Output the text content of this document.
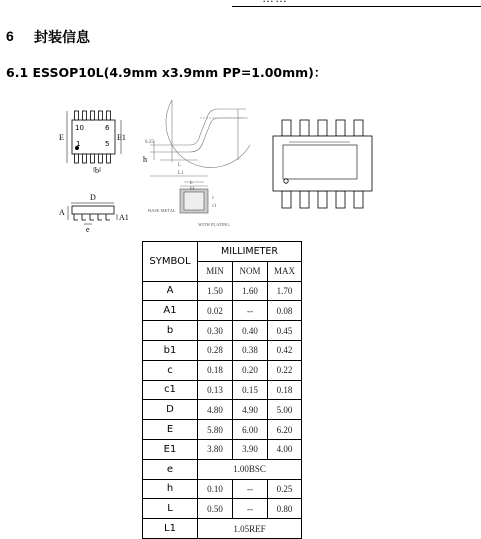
6 封装信息
6.1 ESSOP10L(4.9mm x3.9mm PP=1.00mm)：
10	6
1	5
E	E1
b
D
A
A1
e
0.25
h
L
L1
b
b1
c
c1
BASE METAL
WITH PLATING
SYMBOL	MILLIMETER		
	MIN	NOM	MAX
A	1.50	1.60	1.70
A1	0.02	--	0.08
b	0.30	0.40	0.45
b1	0.28	0.38	0.42
c	0.18	0.20	0.22
c1	0.13	0.15	0.18
D	4.80	4.90	5.00
E	5.80	6.00	6.20
E1	3.80	3.90	4.00
e	1.00BSC		
h	0.10	--	0.25
L	0.50	--	0.80
L1	1.05REF		
